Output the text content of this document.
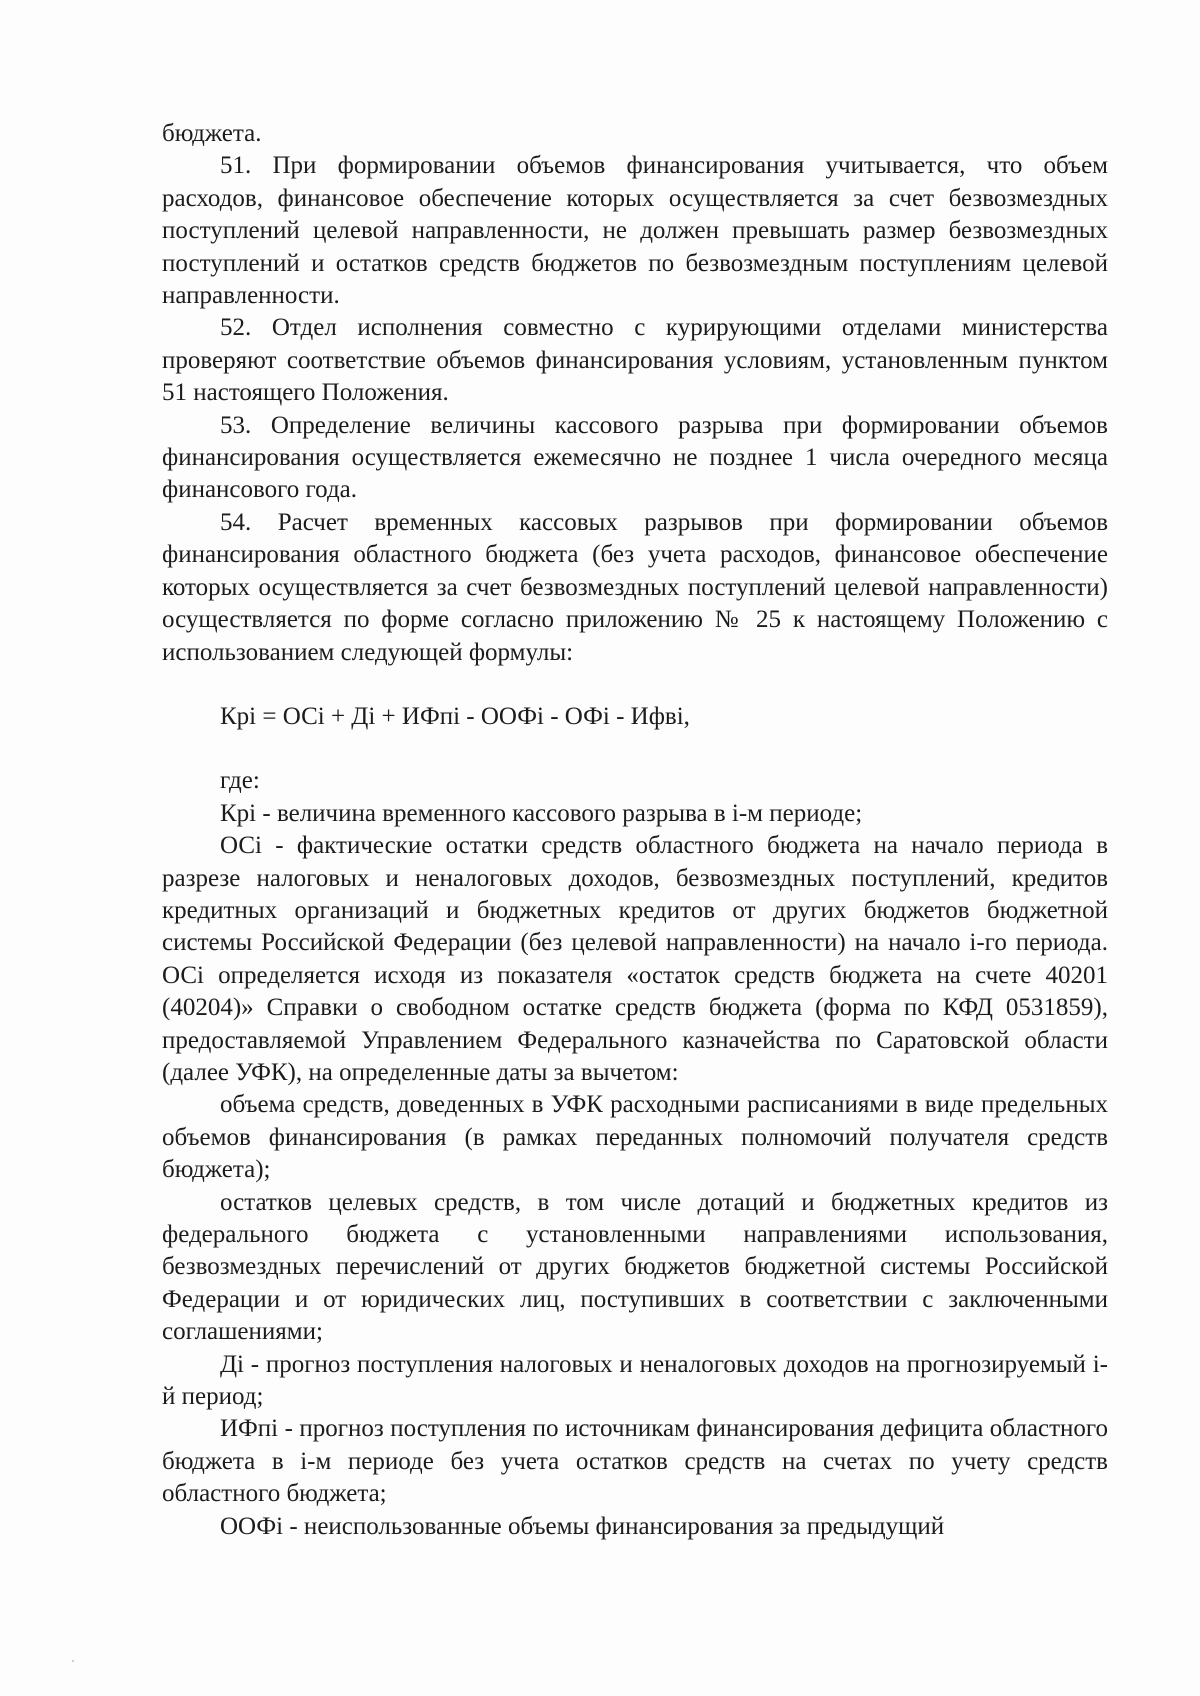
бюджета.

51. При формировании объемов финансирования учитывается, что объем расходов, финансовое обеспечение которых осуществляется за счет безвозмездных поступлений целевой направленности, не должен превышать размер безвозмездных поступлений и остатков средств бюджетов по безвозмездным поступлениям целевой направленности.

52. Отдел исполнения совместно с курирующими отделами министерства проверяют соответствие объемов финансирования условиям, установленным пунктом 51 настоящего Положения.

53. Определение величины кассового разрыва при формировании объемов финансирования осуществляется ежемесячно не позднее 1 числа очередного месяца финансового года.

54. Расчет временных кассовых разрывов при формировании объемов финансирования областного бюджета (без учета расходов, финансовое обеспечение которых осуществляется за счет безвозмездных поступлений целевой направленности) осуществляется по форме согласно приложению № 25 к настоящему Положению с использованием следующей формулы:

Крi = ОСi + Дi + ИФпi - ООФi - ОФi - Ифвi,

где:

Крi - величина временного кассового разрыва в i-м периоде;

ОСi - фактические остатки средств областного бюджета на начало периода в разрезе налоговых и неналоговых доходов, безвозмездных поступлений, кредитов кредитных организаций и бюджетных кредитов от других бюджетов бюджетной системы Российской Федерации (без целевой направленности) на начало i-го периода. ОСi определяется исходя из показателя «остаток средств бюджета на счете 40201 (40204)» Справки о свободном остатке средств бюджета (форма по КФД 0531859), предоставляемой Управлением Федерального казначейства по Саратовской области (далее УФК), на определенные даты за вычетом:

объема средств, доведенных в УФК расходными расписаниями в виде предельных объемов финансирования (в рамках переданных полномочий получателя средств бюджета);

остатков целевых средств, в том числе дотаций и бюджетных кредитов из федерального бюджета с установленными направлениями использования, безвозмездных перечислений от других бюджетов бюджетной системы Российской Федерации и от юридических лиц, поступивших в соответствии с заключенными соглашениями;

Дi - прогноз поступления налоговых и неналоговых доходов на прогнозируемый i-й период;

ИФпi - прогноз поступления по источникам финансирования дефицита областного бюджета в i-м периоде без учета остатков средств на счетах по учету средств областного бюджета;

ООФi - неиспользованные объемы финансирования за предыдущий
